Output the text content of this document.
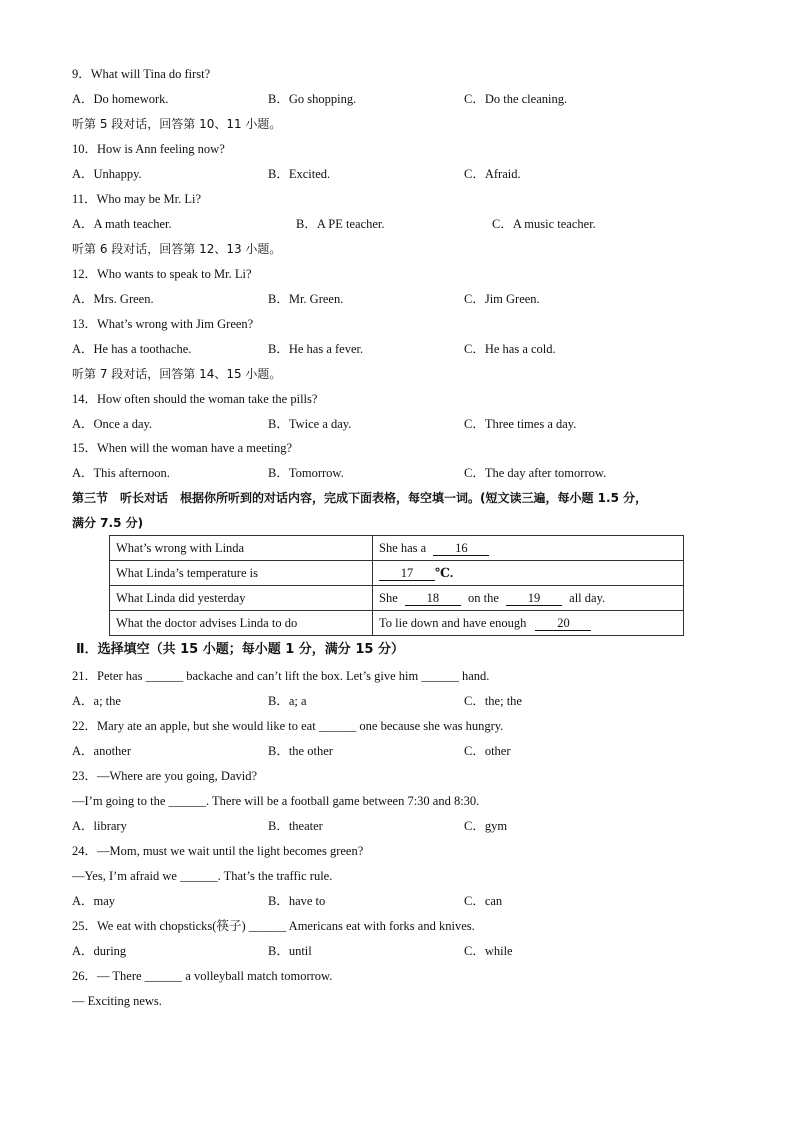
9．What will Tina do first?
A．Do homework.	B．Go shopping.	C．Do the cleaning.
听第 5 段对话，回答第 10、11 小题。
10．How is Ann feeling now?
A．Unhappy.	B．Excited.	C．Afraid.
11．Who may be Mr. Li?
A．A math teacher.	B．A PE teacher.	C．A music teacher.
听第 6 段对话，回答第 12、13 小题。
12．Who wants to speak to Mr. Li?
A．Mrs. Green.	B．Mr. Green.	C．Jim Green.
13．What’s wrong with Jim Green?
A．He has a toothache.	B．He has a fever.	C．He has a cold.
听第 7 段对话，回答第 14、15 小题。
14．How often should the woman take the pills?
A．Once a day.	B．Twice a day.	C．Three times a day.
15．When will the woman have a meeting?
A．This afternoon.	B．Tomorrow.	C．The day after tomorrow.
第三节　听长对话　根据你所听到的对话内容，完成下面表格，每空填一词。(短文读三遍，每小题 1.5 分，
满分 7.5 分)
What’s wrong with Linda	She has a 16
What Linda’s temperature is	17 ℃.
What Linda did yesterday	She 18 on the 19 all day.
What the doctor advises Linda to do	To lie down and have enough 20
Ⅱ．选择填空（共 15 小题；每小题 1 分，满分 15 分）
21．Peter has ______ backache and can’t lift the box. Let’s give him ______ hand.
A．a; the	B．a; a	C．the; the
22．Mary ate an apple, but she would like to eat ______ one because she was hungry.
A．another	B．the other	C．other
23．—Where are you going, David?
—I’m going to the ______. There will be a football game between 7:30 and 8:30.
A．library	B．theater	C．gym
24．—Mom, must we wait until the light becomes green?
—Yes, I’m afraid we ______. That’s the traffic rule.
A．may	B．have to	C．can
25．We eat with chopsticks(筷子) ______ Americans eat with forks and knives.
A．during	B．until	C．while
26．— There ______ a volleyball match tomorrow.
— Exciting news.
